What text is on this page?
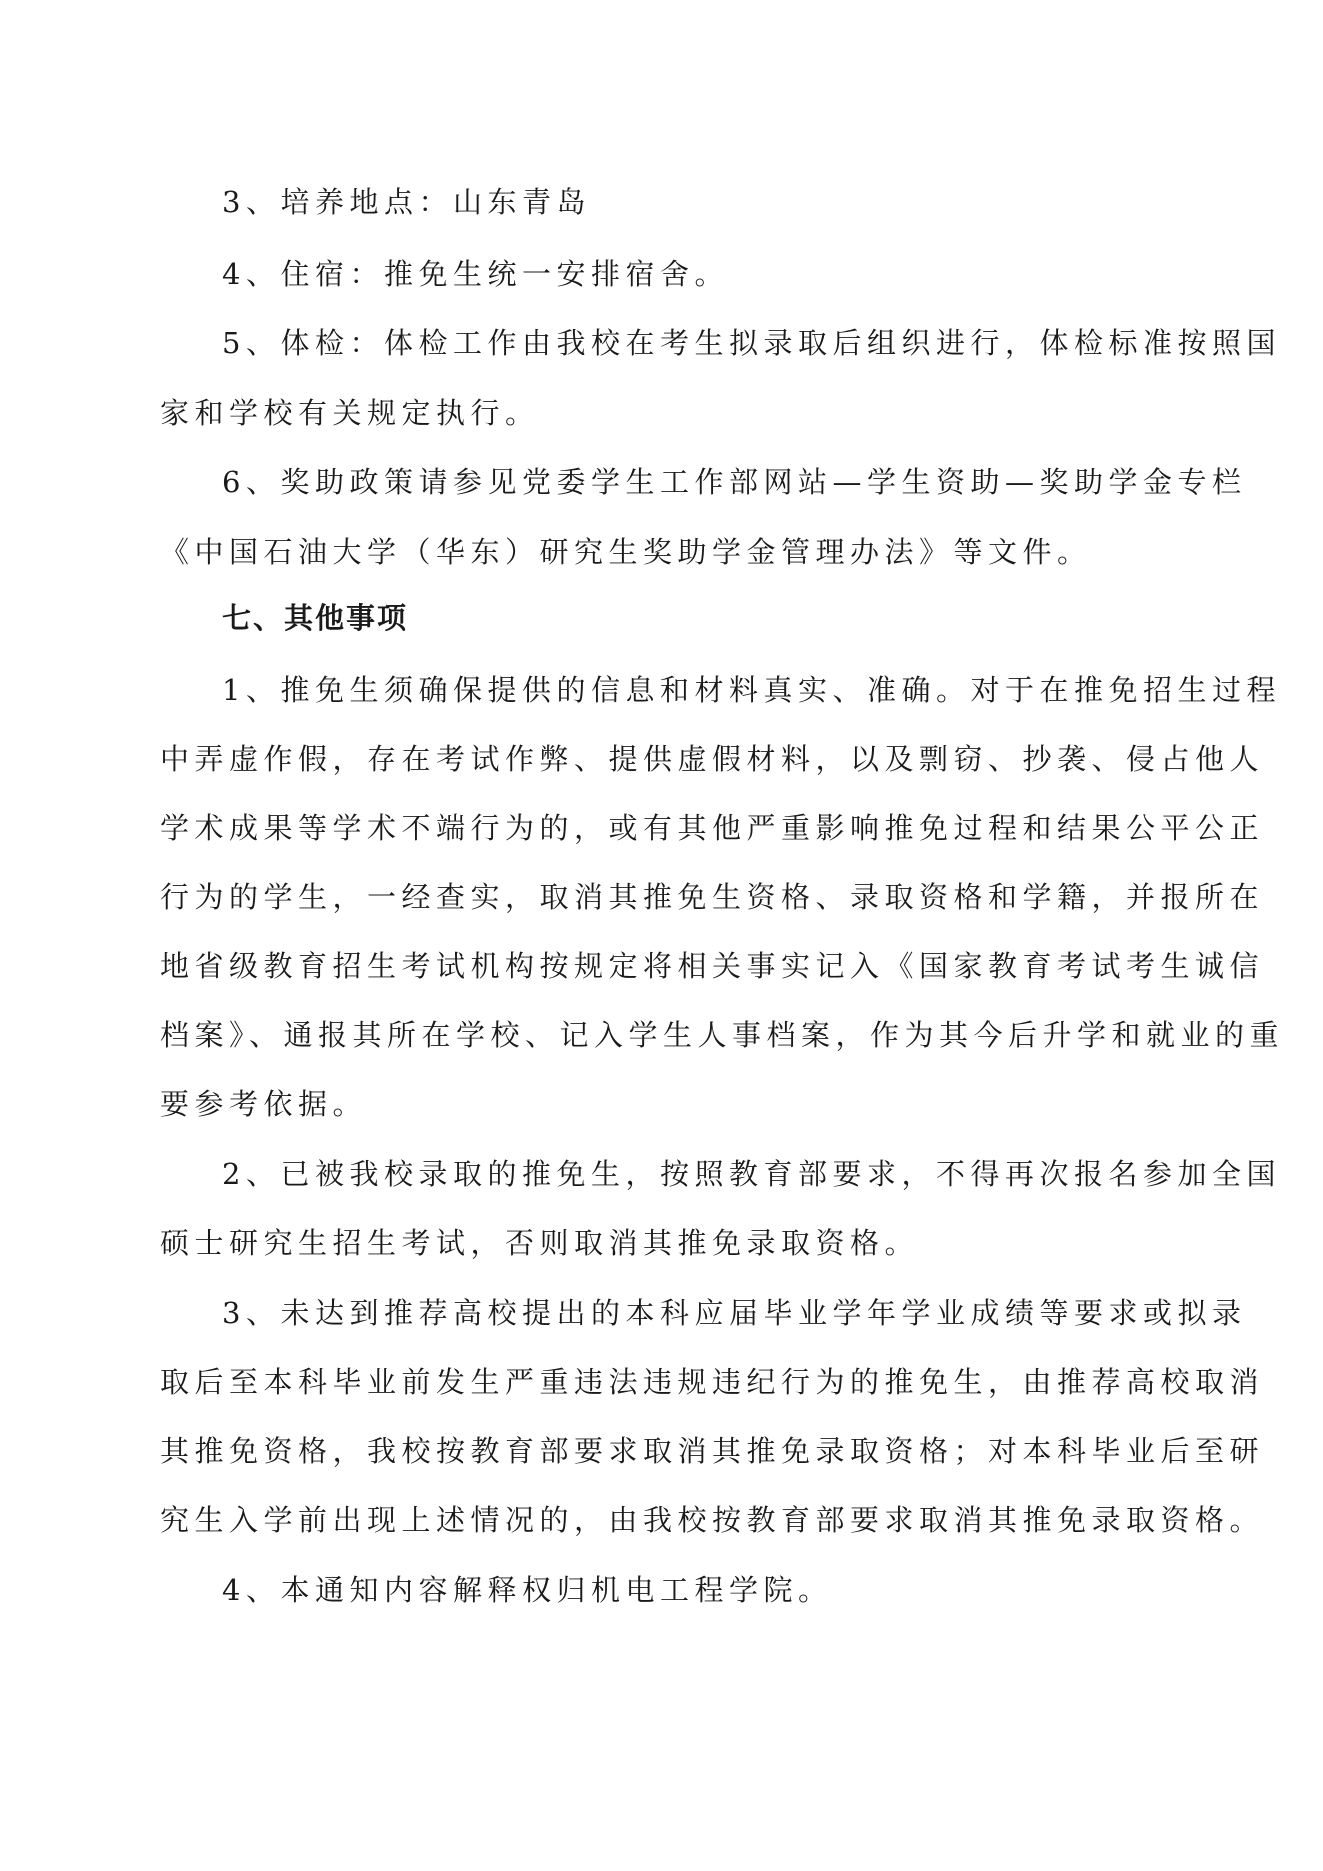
3、培养地点：山东青岛

4、住宿：推免生统一安排宿舍。

5、体检：体检工作由我校在考生拟录取后组织进行，体检标准按照国

家和学校有关规定执行。

6、奖助政策请参见党委学生工作部网站—学生资助—奖助学金专栏

《中国石油大学（华东）研究生奖助学金管理办法》等文件。

七、其他事项

1、推免生须确保提供的信息和材料真实、准确。对于在推免招生过程

中弄虚作假，存在考试作弊、提供虚假材料，以及剽窃、抄袭、侵占他人

学术成果等学术不端行为的，或有其他严重影响推免过程和结果公平公正

行为的学生，一经查实，取消其推免生资格、录取资格和学籍，并报所在

地省级教育招生考试机构按规定将相关事实记入《国家教育考试考生诚信

档案》、通报其所在学校、记入学生人事档案，作为其今后升学和就业的重

要参考依据。

2、已被我校录取的推免生，按照教育部要求，不得再次报名参加全国

硕士研究生招生考试，否则取消其推免录取资格。

3、未达到推荐高校提出的本科应届毕业学年学业成绩等要求或拟录

取后至本科毕业前发生严重违法违规违纪行为的推免生，由推荐高校取消

其推免资格，我校按教育部要求取消其推免录取资格；对本科毕业后至研

究生入学前出现上述情况的，由我校按教育部要求取消其推免录取资格。

4、本通知内容解释权归机电工程学院。
